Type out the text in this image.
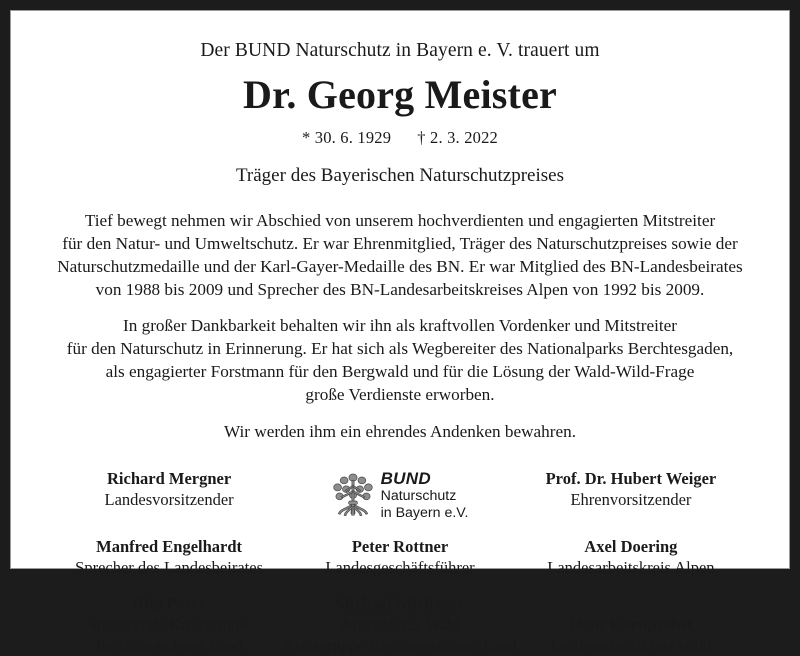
Der BUND Naturschutz in Bayern e. V. trauert um
Dr. Georg Meister
* 30. 6. 1929 † 2. 3. 2022
Träger des Bayerischen Naturschutzpreises
Tief bewegt nehmen wir Abschied von unserem hochverdienten und engagierten Mitstreiter
für den Natur- und Umweltschutz. Er war Ehrenmitglied, Träger des Naturschutzpreises sowie der
Naturschutzmedaille und der Karl-Gayer-Medaille des BN. Er war Mitglied des BN-Landesbeirates
von 1988 bis 2009 und Sprecher des BN-Landesarbeitskreises Alpen von 1992 bis 2009.
In großer Dankbarkeit behalten wir ihn als kraftvollen Vordenker und Mitstreiter
für den Naturschutz in Erinnerung. Er hat sich als Wegbereiter des Nationalparks Berchtesgaden,
als engagierter Forstmann für den Bergwald und für die Lösung der Wald-Wild-Frage
große Verdienste erworben.
Wir werden ihm ein ehrendes Andenken bewahren.
Richard Mergner
Landesvorsitzender
BUND
Naturschutz
in Bayern e.V.
Prof. Dr. Hubert Weiger
Ehrenvorsitzender
Manfred Engelhardt
Sprecher des Landesbeirates
Peter Rottner
Landesgeschäftsführer
Axel Doering
Landesarbeitskreis Alpen
Rita Poser
Vorsitzende Kreisgruppe
Berchtesgadener Land
Michael Nürbauer
Arbeitskreis Wald
Kreisgruppe Berchtesgadener Land
Hans Kornprobst
Landesarbeitskreis Wald
